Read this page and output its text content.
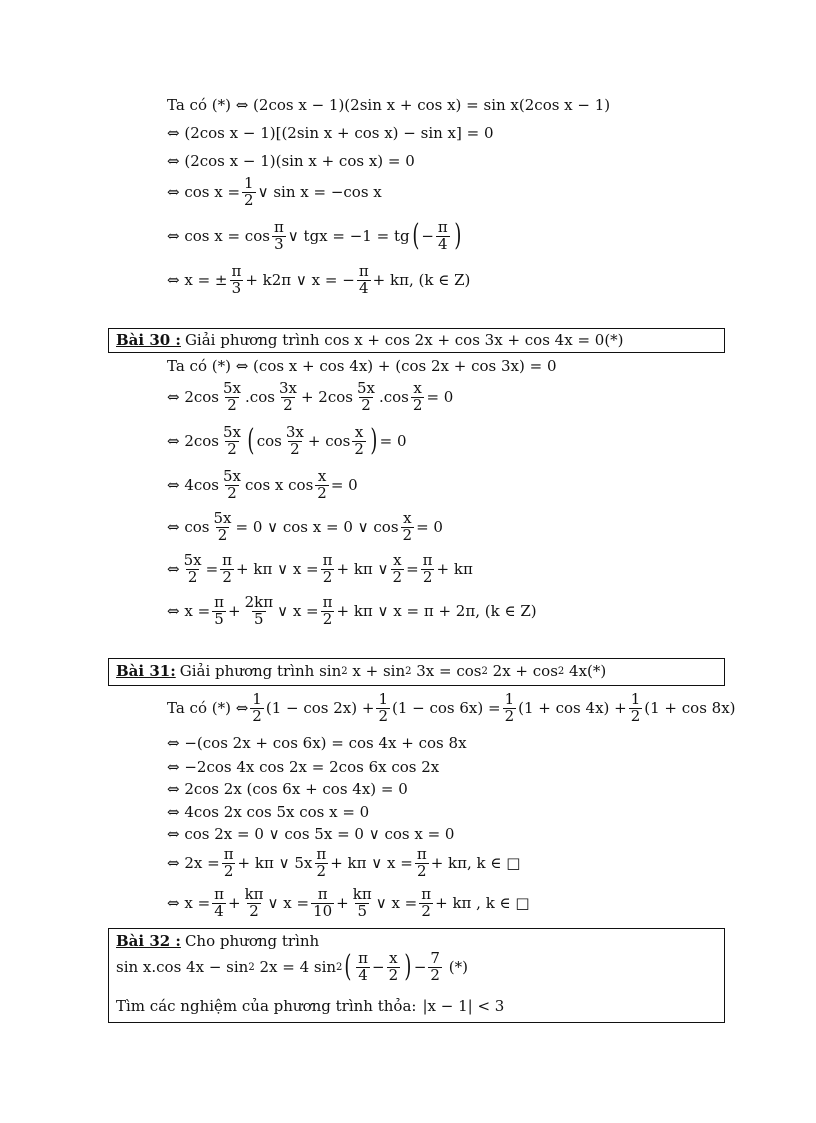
Ta có (*) ⇔ (2cos x − 1)(2sin x + cos x) = sin x(2cos x − 1)
⇔ (2cos x − 1)[(2sin x + cos x) − sin x] = 0
⇔ (2cos x − 1)(sin x + cos x) = 0
⇔ $\cos x = \frac{1}{2}$ ∨ sin x = −cos x
⇔ $\cos x = \cos \frac{\pi}{3}$ ∨ tgx = −1 = tg ( − $\frac{\pi}{4}$ )
⇔ x = ± $\frac{\pi}{3} + k2\pi$ ∨ x = − $\frac{\pi}{4} + k\pi$, (k ∈ Z)
Bài 30 : Giải phương trình cos x + cos 2x + cos 3x + cos 4x = 0(*)
Ta có (*) ⇔ (cos x + cos 4x) + (cos 2x + cos 3x) = 0
⇔ $2\cos \frac{5x}{2} .\cos \frac{3x}{2} + 2\cos \frac{5x}{2} .\cos \frac{x}{2} = 0$
⇔ $2\cos \frac{5x}{2}$ ( $\cos \frac{3x}{2} + \cos \frac{x}{2}$ ) = 0
⇔ $4\cos \frac{5x}{2}$ cos x $\cos \frac{x}{2} = 0$
⇔ $\cos \frac{5x}{2} = 0$ ∨ cos x = 0 ∨ $\cos \frac{x}{2} = 0$
⇔ $\frac{5x}{2} = \frac{\pi}{2} + k\pi$ ∨ $x = \frac{\pi}{2} + k\pi$ ∨ $\frac{x}{2} = \frac{\pi}{2} + k\pi$
⇔ $x = \frac{\pi}{5} + \frac{2k\pi}{5}$ ∨ $x = \frac{\pi}{2} + k\pi$ ∨ x = π + 2π, (k ∈ Z)
Bài 31: Giải phương trình sin 2 x + sin 2 3x = cos 2 2x + cos 2 4x(*)
Ta có (*) ⇔ $\frac{1}{2} (1 - \cos 2x) + \frac{1}{2} (1 - \cos 6x) = \frac{1}{2} (1 + \cos 4x) + \frac{1}{2} (1 + \cos 8x)$
⇔ −(cos 2x + cos 6x) = cos 4x + cos 8x
⇔ −2cos 4x cos 2x = 2cos 6x cos 2x
⇔ 2cos 2x (cos 6x + cos 4x) = 0
⇔ 4cos 2x cos 5x cos x = 0
⇔ cos 2x = 0 ∨ cos 5x = 0 ∨ cos x = 0
⇔ $2x = \frac{\pi}{2} + k\pi$ ∨ $5x \frac{\pi}{2} + k\pi$ ∨ $x = \frac{\pi}{2} + k\pi$, k ∈ □
⇔ $x = \frac{\pi}{4} + \frac{k\pi}{2}$ ∨ $x = \frac{\pi}{10} + \frac{k\pi}{5}$ ∨ $x = \frac{\pi}{2} + k\pi$ , k ∈ □
Bài 32 : Cho phương trình
sin x.cos 4x − sin 2 2x = 4 sin 2 ( $\frac{\pi}{4} - \frac{x}{2}$ ) − $\frac{7}{2}$ (*)
Tìm các nghiệm của phương trình thỏa: |x − 1| < 3
